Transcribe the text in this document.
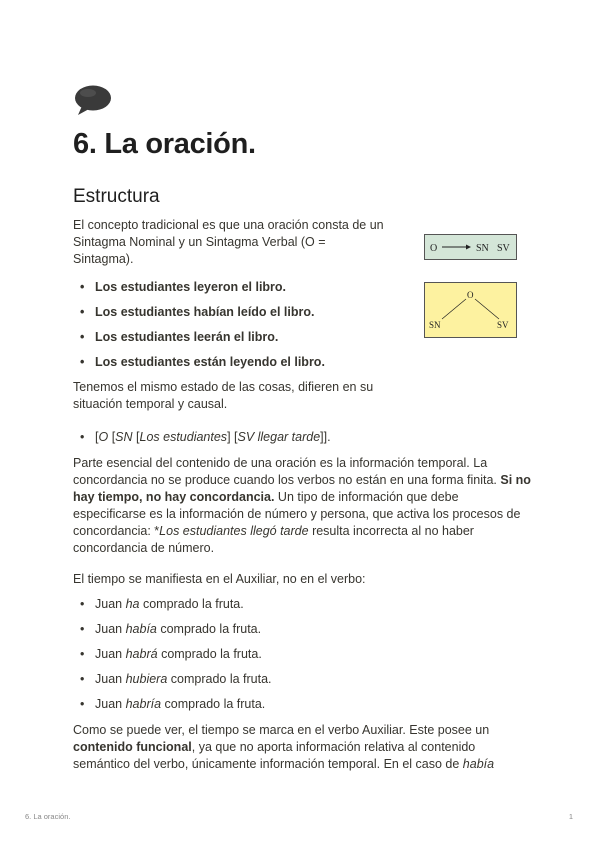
6. La oración.
Estructura

El concepto tradicional es que una oración consta de un Sintagma Nominal y un Sintagma Verbal (O = Sintagma).

• Los estudiantes leyeron el libro.
• Los estudiantes habían leído el libro.
• Los estudiantes leerán el libro.
• Los estudiantes están leyendo el libro.

Tenemos el mismo estado de las cosas, difieren en su situación temporal y causal.

• [O [SN [Los estudiantes] [SV llegar tarde]].

Parte esencial del contenido de una oración es la información temporal. La concordancia no se produce cuando los verbos no están en una forma finita. Si no hay tiempo, no hay concordancia. Un tipo de información que debe especificarse es la información de número y persona, que activa los procesos de concordancia: *Los estudiantes llegó tarde resulta incorrecta al no haber concordancia de número.

El tiempo se manifiesta en el Auxiliar, no en el verbo:

• Juan ha comprado la fruta.
• Juan había comprado la fruta.
• Juan habrá comprado la fruta.
• Juan hubiera comprado la fruta.
• Juan habría comprado la fruta.

Como se puede ver, el tiempo se marca en el verbo Auxiliar. Este posee un contenido funcional, ya que no aporta información relativa al contenido semántico del verbo, únicamente información temporal. En el caso de había

O	SN SV
O
SN	SV
6. La oración.	1
